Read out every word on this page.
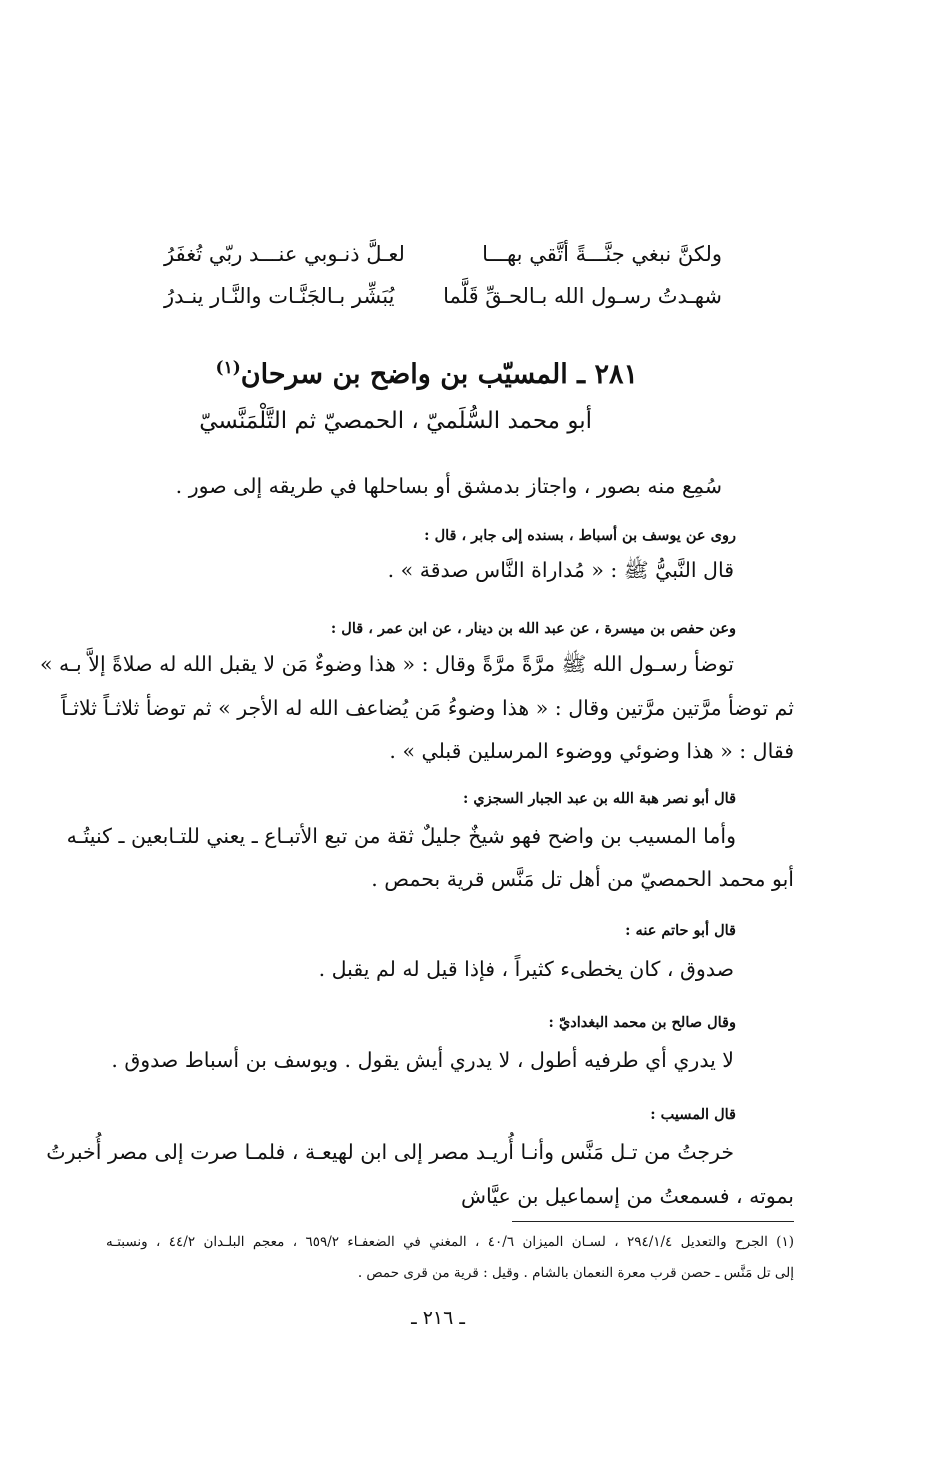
ولكنَّ نبغي جنَّـــةً أتَّقي بهـــا
لعـلَّ ذنـوبي عنـــد ربّي تُغفَرُ
شهـدتُ رسـول الله بـالحـقِّ قَلَّما
يُبَشِّر بـالجَنَّـات والنَّـار ينـدرُ
٢٨١ ـ المسيّب بن واضح بن سرحان$^{(١)}$
أبو محمد السُّلَميّ ، الحمصيّ ثم التَّلْمَنَّسيّ
سُمِع منه بصور ، واجتاز بدمشق أو بساحلها في طريقه إلى صور .
روى عن يوسف بن أسباط ، بسنده إلى جابر ، قال :
قال النَّبيُّ ﷺ : « مُداراة النَّاس صدقة » .
وعن حفص بن ميسرة ، عن عبد الله بن دينار ، عن ابن عمر ، قال :
توضأ رسـول الله ﷺ مرَّةً مرَّةً وقال : « هذا وضوءٌ مَن لا يقبل الله له صلاةً إلاَّ بـه »
ثم توضأ مرَّتين مرَّتين وقال : « هذا وضوءُ مَن يُضاعف الله له الأجر » ثم توضأ ثلاثـاً ثلاثـاً
فقال : « هذا وضوئي ووضوء المرسلين قبلي » .
قال أبو نصر هبة الله بن عبد الجبار السجزي :
وأما المسيب بن واضح فهو شيخٌ جليلٌ ثقة من تبع الأتبـاع ـ يعني للتـابعين ـ كنيتُـه
أبو محمد الحمصيّ من أهل تل مَنَّس قرية بحمص .
قال أبو حاتم عنه :
صدوق ، كان يخطىء كثيراً ، فإذا قيل له لم يقبل .
وقال صالح بن محمد البغداديّ :
لا يدري أي طرفيه أطول ، لا يدري أيش يقول . ويوسف بن أسباط صدوق .
قال المسيب :
خرجتُ من تـل مَنَّس وأنـا أُريـد مصر إلى ابن لهيعـة ، فلمـا صرت إلى مصر أُخبرتُ
بموته ، فسمعتُ من إسماعيل بن عيَّاش
(١) الجرح والتعديل ٢٩٤/١/٤ ، لسـان الميزان ٤٠/٦ ، المغني في الضعفـاء ٦٥٩/٢ ، معجم البلـدان ٤٤/٢ ، ونسبتـه
إلى تل مَنَّس ـ حصن قرب معرة النعمان بالشام . وقيل : قرية من قرى حمص .
ـ ٢١٦ ـ
